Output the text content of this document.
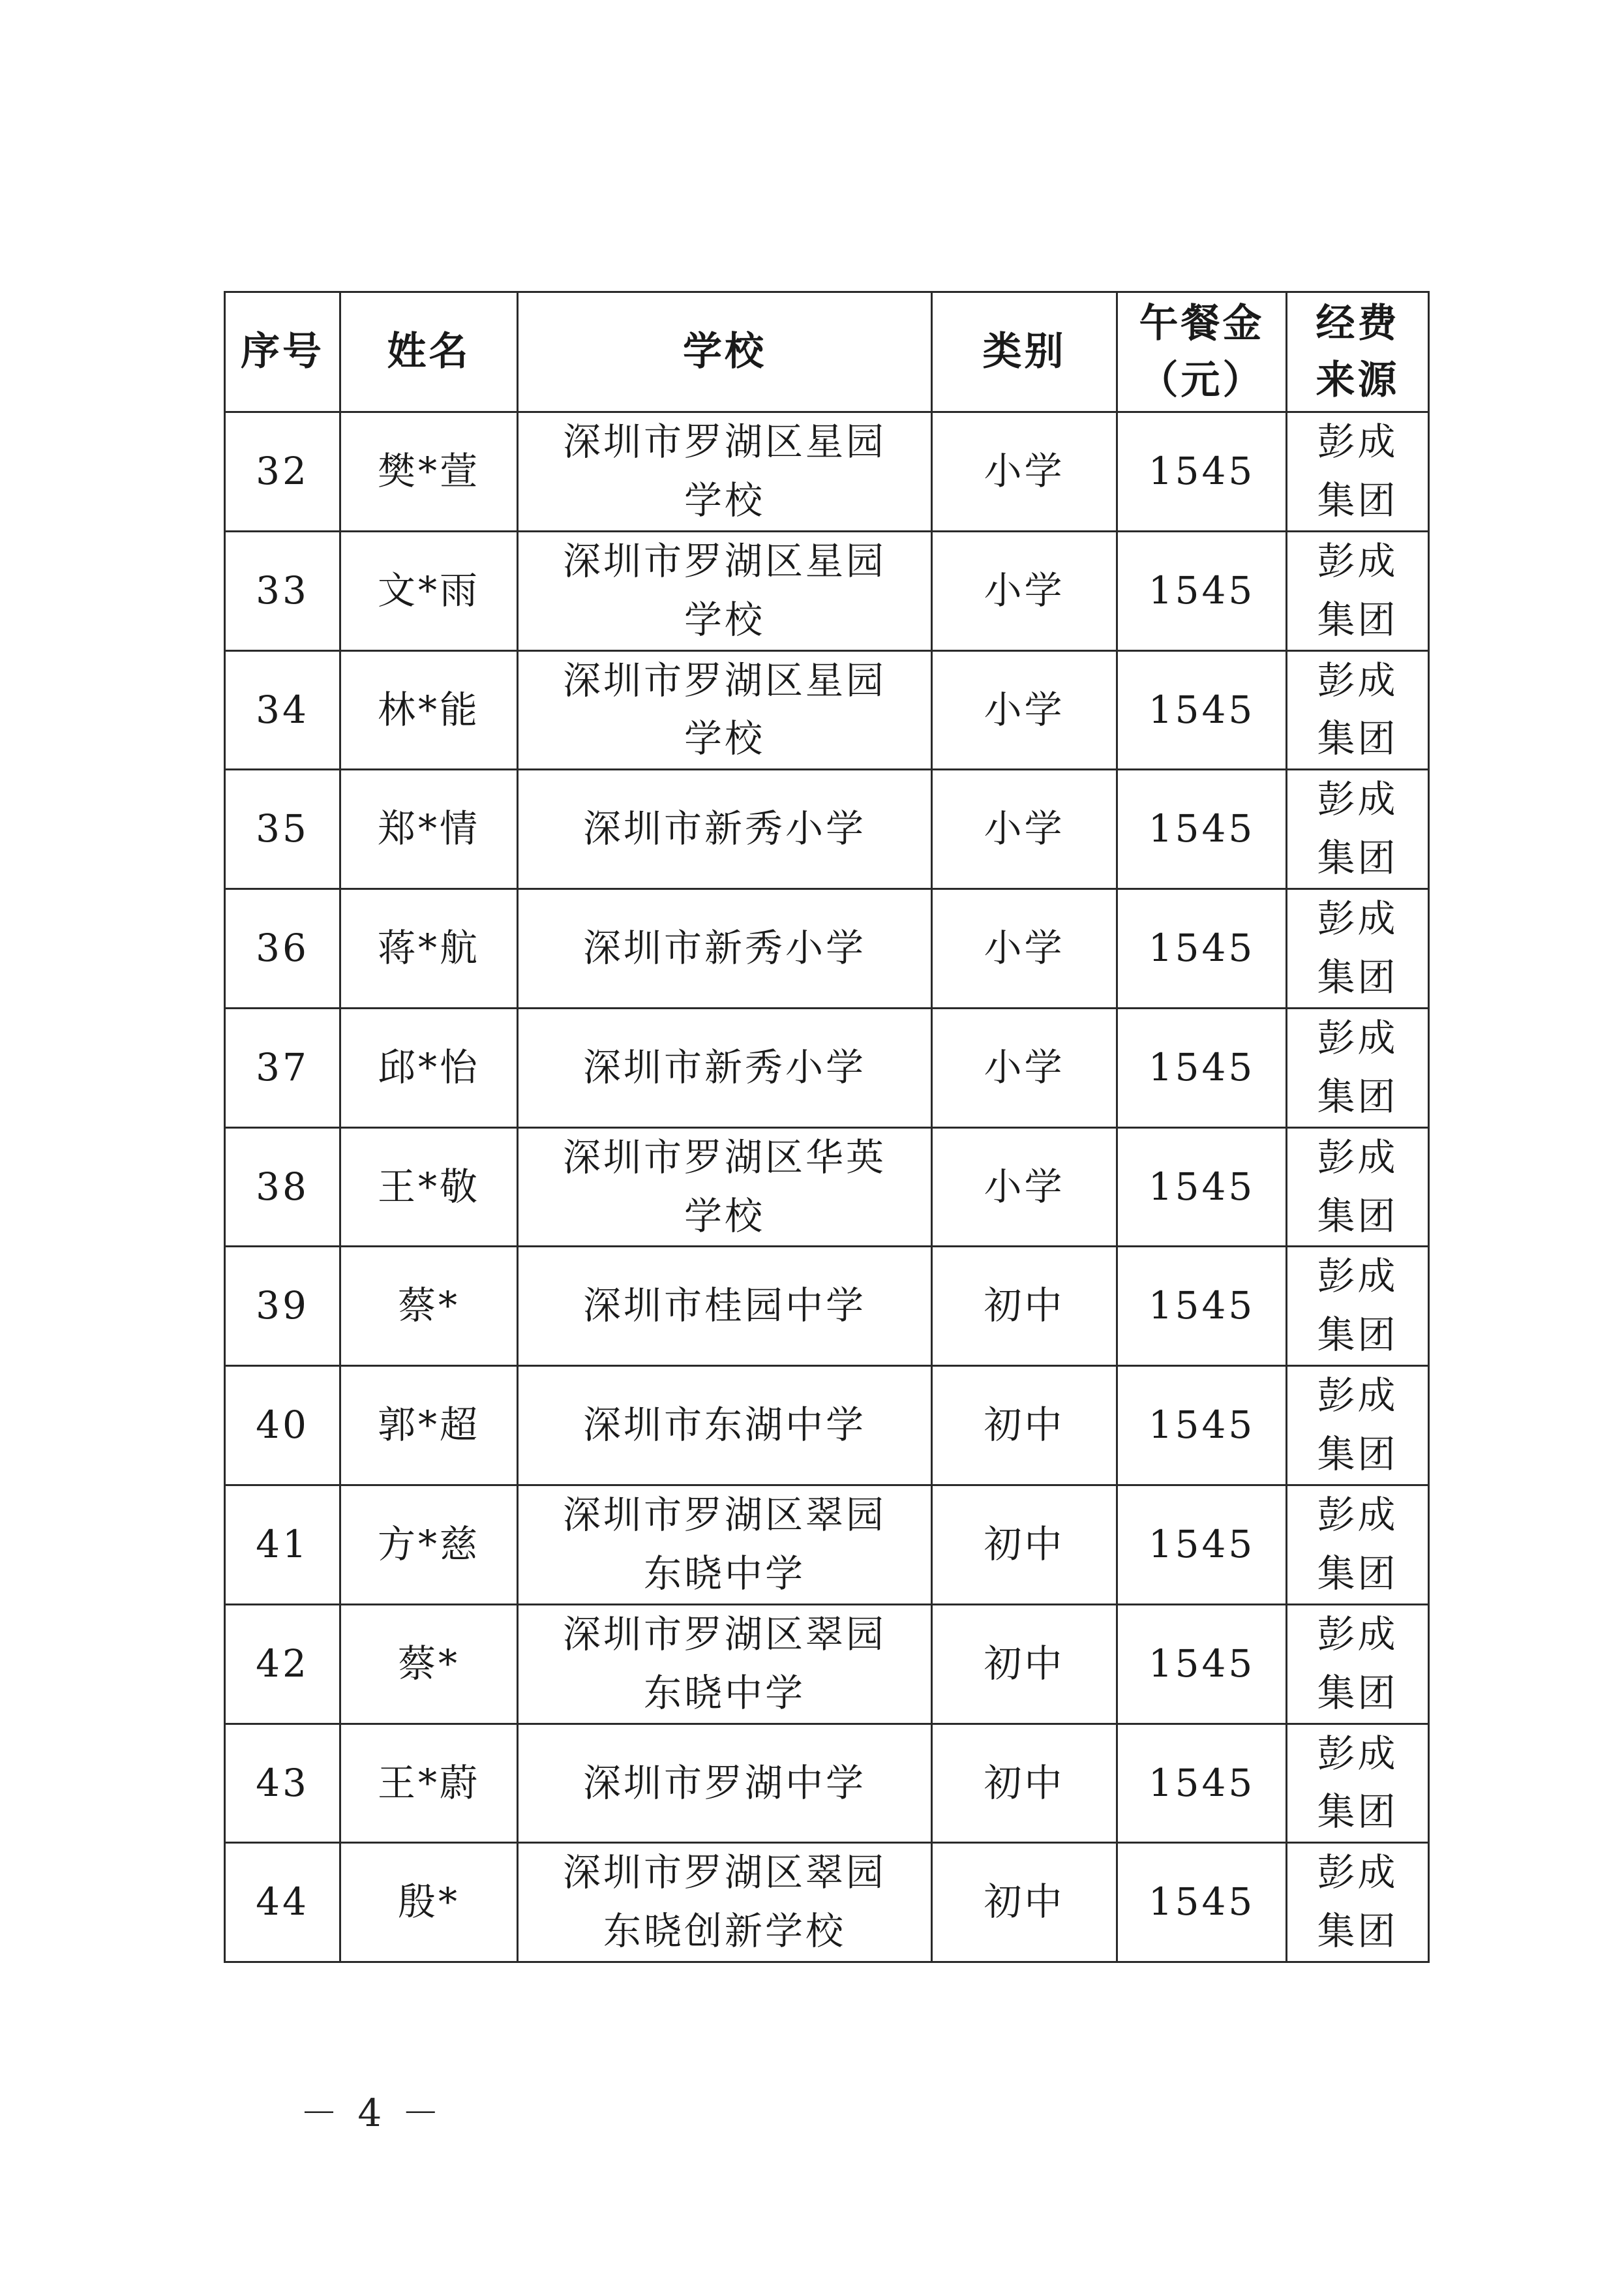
序号	姓名	学校	类别	午餐金（元）	经费来源

32	樊*萱	深圳市罗湖区星园学校	小学	1545	彭成集团

33	文*雨	深圳市罗湖区星园学校	小学	1545	彭成集团

34	林*能	深圳市罗湖区星园学校	小学	1545	彭成集团

35	郑*情	深圳市新秀小学	小学	1545	彭成集团

36	蒋*航	深圳市新秀小学	小学	1545	彭成集团

37	邱*怡	深圳市新秀小学	小学	1545	彭成集团

38	王*敬	深圳市罗湖区华英学校	小学	1545	彭成集团

39	蔡*	深圳市桂园中学	初中	1545	彭成集团

40	郭*超	深圳市东湖中学	初中	1545	彭成集团

41	方*慈	深圳市罗湖区翠园东晓中学	初中	1545	彭成集团

42	蔡*	深圳市罗湖区翠园东晓中学	初中	1545	彭成集团

43	王*蔚	深圳市罗湖中学	初中	1545	彭成集团

44	殷*	深圳市罗湖区翠园东晓创新学校	初中	1545	彭成集团
－ 4 －
